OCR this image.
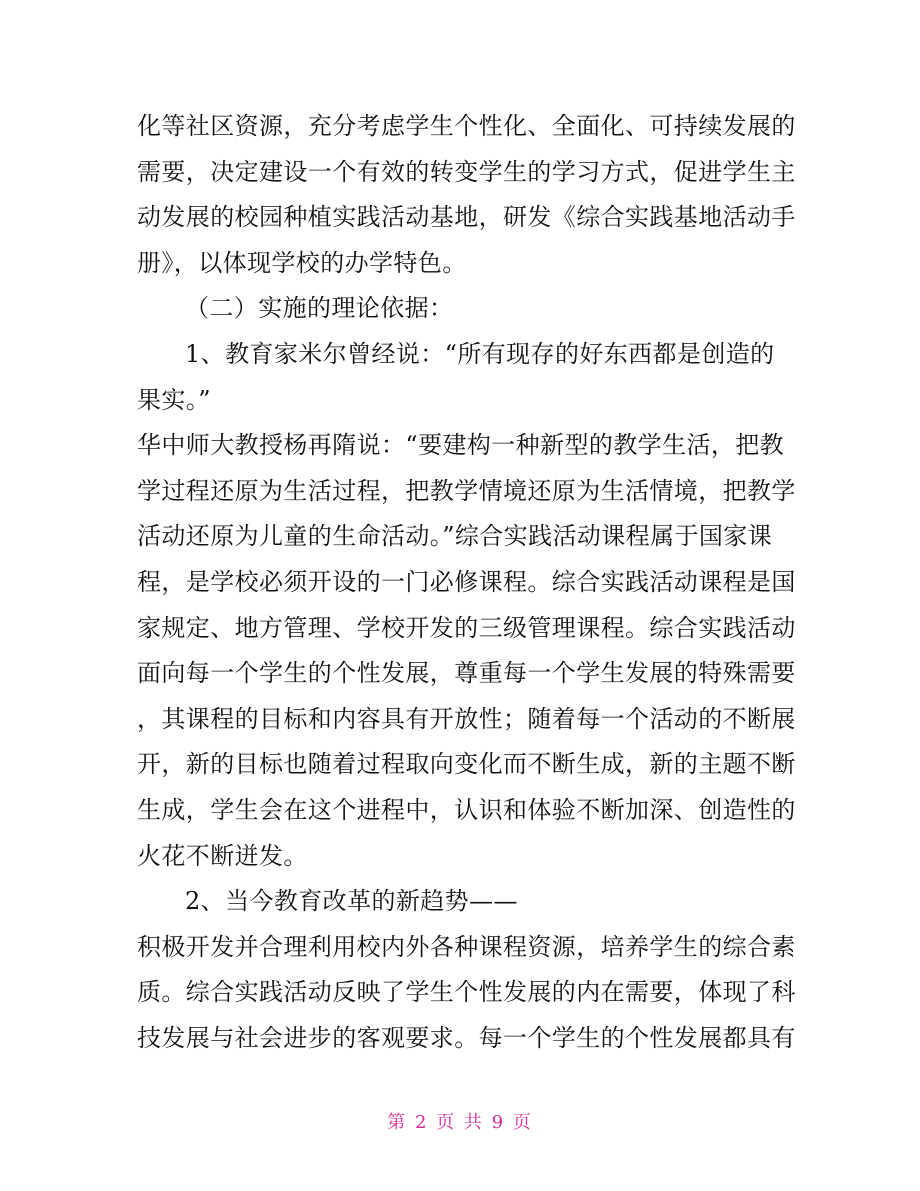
化等社区资源，充分考虑学生个性化、全面化、可持续发展的
需要，决定建设一个有效的转变学生的学习方式，促进学生主
动发展的校园种植实践活动基地，研发《综合实践基地活动手
册》，以体现学校的办学特色。
（二）实施的理论依据：
1、教育家米尔曾经说：“所有现存的好东西都是创造的
果实。”
华中师大教授杨再隋说：“要建构一种新型的教学生活，把教
学过程还原为生活过程，把教学情境还原为生活情境，把教学
活动还原为儿童的生命活动。”综合实践活动课程属于国家课
程，是学校必须开设的一门必修课程。综合实践活动课程是国
家规定、地方管理、学校开发的三级管理课程。综合实践活动
面向每一个学生的个性发展，尊重每一个学生发展的特殊需要
，其课程的目标和内容具有开放性；随着每一个活动的不断展
开，新的目标也随着过程取向变化而不断生成，新的主题不断
生成，学生会在这个进程中，认识和体验不断加深、创造性的
火花不断迸发。
2、当今教育改革的新趋势——
积极开发并合理利用校内外各种课程资源，培养学生的综合素
质。综合实践活动反映了学生个性发展的内在需要，体现了科
技发展与社会进步的客观要求。每一个学生的个性发展都具有
第 2 页 共 9 页
